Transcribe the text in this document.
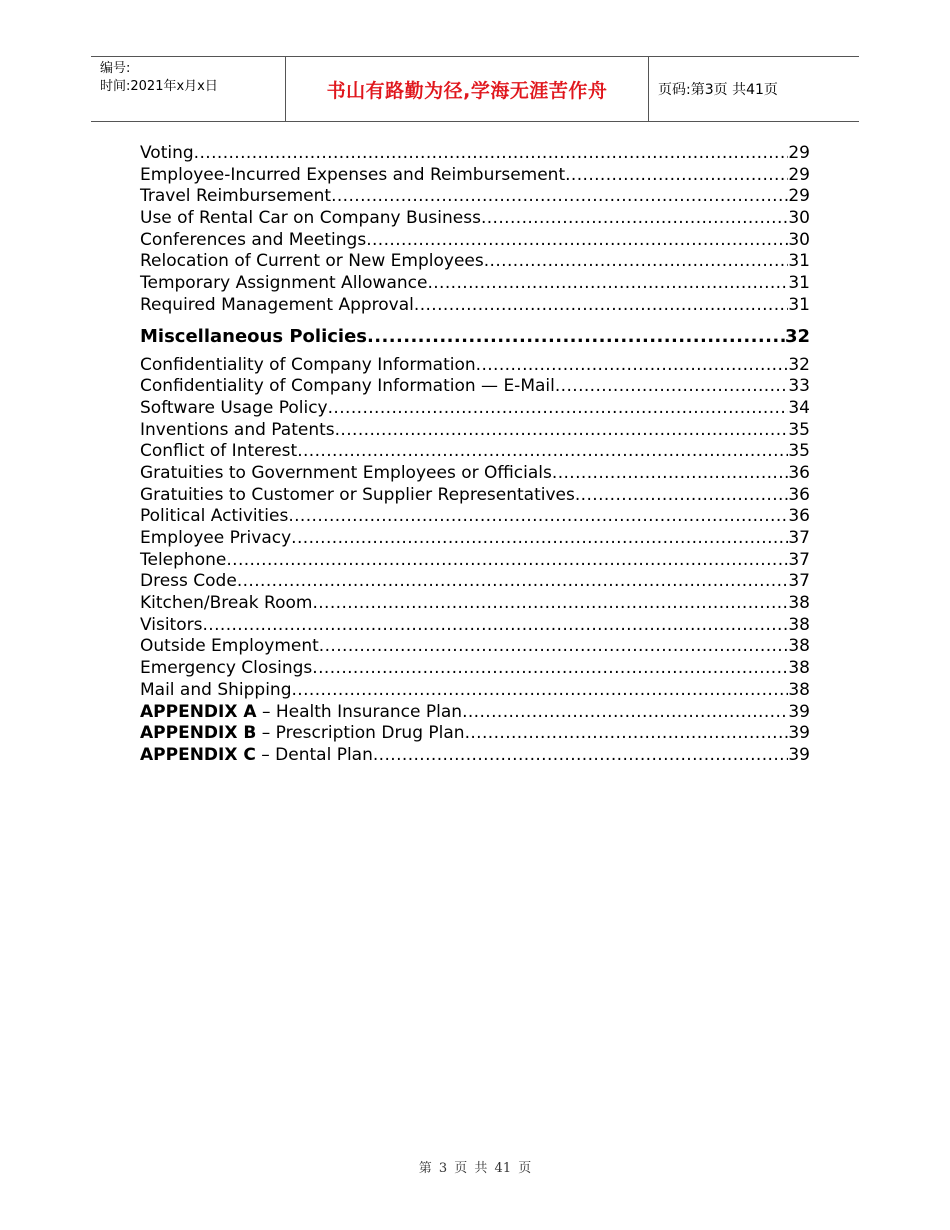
编号:
时间:2021年x月x日	书山有路勤为径,学海无涯苦作舟	页码:第3页 共41页
Voting .....	29
Employee-Incurred Expenses and Reimbursement .....	29
Travel Reimbursement .....	29
Use of Rental Car on Company Business .....	30
Conferences and Meetings .....	30
Relocation of Current or New Employees .....	31
Temporary Assignment Allowance .....	31
Required Management Approval .....	31
Miscellaneous Policies .....	32
Confidentiality of Company Information .....	32
Confidentiality of Company Information — E-Mail .....	33
Software Usage Policy .....	34
Inventions and Patents .....	35
Conflict of Interest .....	35
Gratuities to Government Employees or Officials .....	36
Gratuities to Customer or Supplier Representatives .....	36
Political Activities .....	36
Employee Privacy .....	37
Telephone .....	37
Dress Code .....	37
Kitchen/Break Room .....	38
Visitors .....	38
Outside Employment .....	38
Emergency Closings .....	38
Mail and Shipping .....	38
APPENDIX A – Health Insurance Plan .....	39
APPENDIX B – Prescription Drug Plan .....	39
APPENDIX C – Dental Plan .....	39
第 3 页 共 41 页
